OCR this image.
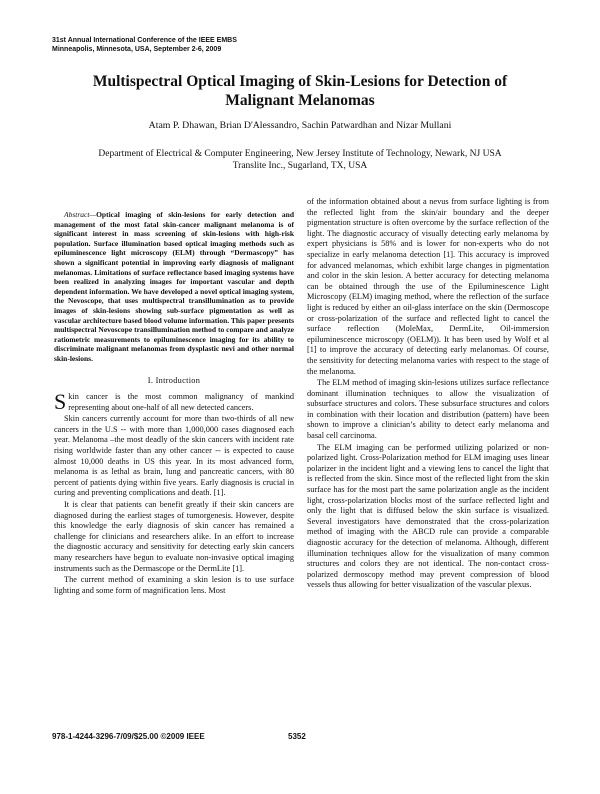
31st Annual International Conference of the IEEE EMBS
Minneapolis, Minnesota, USA, September 2-6, 2009
Multispectral Optical Imaging of Skin-Lesions for Detection of Malignant Melanomas
Atam P. Dhawan, Brian D'Alessandro, Sachin Patwardhan and Nizar Mullani
Department of Electrical & Computer Engineering, New Jersey Institute of Technology, Newark, NJ USA
Translite Inc., Sugarland, TX, USA

Abstract—Optical imaging of skin-lesions for early detection and management of the most fatal skin-cancer malignant melanoma is of significant interest in mass screening of skin-lesions with high-risk population. Surface illumination based optical imaging methods such as epiluminescence light microscopy (ELM) through “Dermascopy” has shown a significant potential in improving early diagnosis of malignant melanomas. Limitations of surface reflectance based imaging systems have been realized in analyzing images for important vascular and depth dependent information. We have developed a novel optical imaging system, the Nevoscope, that uses multispectral transillumination as to provide images of skin-lesions showing sub-surface pigmentation as well as vascular architecture based blood volume information. This paper presents multispectral Nevoscope transillumination method to compare and analyze ratiometric measurements to epiluminescence imaging for its ability to discriminate malignant melanomas from dysplastic nevi and other normal skin-lesions.

I. Introduction

Skin cancer is the most common malignancy of mankind representing about one-half of all new detected cancers.

Skin cancers currently account for more than two-thirds of all new cancers in the U.S -- with more than 1,000,000 cases diagnosed each year. Melanoma –the most deadly of the skin cancers with incident rate rising worldwide faster than any other cancer -- is expected to cause almost 10,000 deaths in US this year. In its most advanced form, melanoma is as lethal as brain, lung and pancreatic cancers, with 80 percent of patients dying within five years. Early diagnosis is crucial in curing and preventing complications and death. [1].

It is clear that patients can benefit greatly if their skin cancers are diagnosed during the earliest stages of tumorgenesis. However, despite this knowledge the early diagnosis of skin cancer has remained a challenge for clinicians and researchers alike. In an effort to increase the diagnostic accuracy and sensitivity for detecting early skin cancers many researchers have begun to evaluate non-invasive optical imaging instruments such as the Dermascope or the DermLite [1].

The current method of examining a skin lesion is to use surface lighting and some form of magnification lens. Most

of the information obtained about a nevus from surface lighting is from the reflected light from the skin/air boundary and the deeper pigmentation structure is often overcome by the surface reflection of the light. The diagnostic accuracy of visually detecting early melanoma by expert physicians is 58% and is lower for non-experts who do not specialize in early melanoma detection [1]. This accuracy is improved for advanced melanomas, which exhibit large changes in pigmentation and color in the skin lesion. A better accuracy for detecting melanoma can be obtained through the use of the Epiluminescence Light Microscopy (ELM) imaging method, where the reflection of the surface light is reduced by either an oil-glass interface on the skin (Dermoscope or cross-polarization of the surface and reflected light to cancel the surface reflection (MoleMax, DermLite, Oil-immersion epiluminescence microscopy (OELM)). It has been used by Wolf et al [1] to improve the accuracy of detecting early melanomas. Of course, the sensitivity for detecting melanoma varies with respect to the stage of the melanoma.

The ELM method of imaging skin-lesions utilizes surface reflectance dominant illumination techniques to allow the visualization of subsurface structures and colors. These subsurface structures and colors in combination with their location and distribution (pattern) have been shown to improve a clinician’s ability to detect early melanoma and basal cell carcinoma.

The ELM imaging can be performed utilizing polarized or non-polarized light. Cross-Polarization method for ELM imaging uses linear polarizer in the incident light and a viewing lens to cancel the light that is reflected from the skin. Since most of the reflected light from the skin surface has for the most part the same polarization angle as the incident light, cross-polarization blocks most of the surface reflected light and only the light that is diffused below the skin surface is visualized. Several investigators have demonstrated that the cross-polarization method of imaging with the ABCD rule can provide a comparable diagnostic accuracy for the detection of melanoma. Although, different illumination techniques allow for the visualization of many common structures and colors they are not identical. The non-contact cross-polarized dermoscopy method may prevent compression of blood vessels thus allowing for better visualization of the vascular plexus.

978-1-4244-3296-7/09/$25.00 ©2009 IEEE	5352
